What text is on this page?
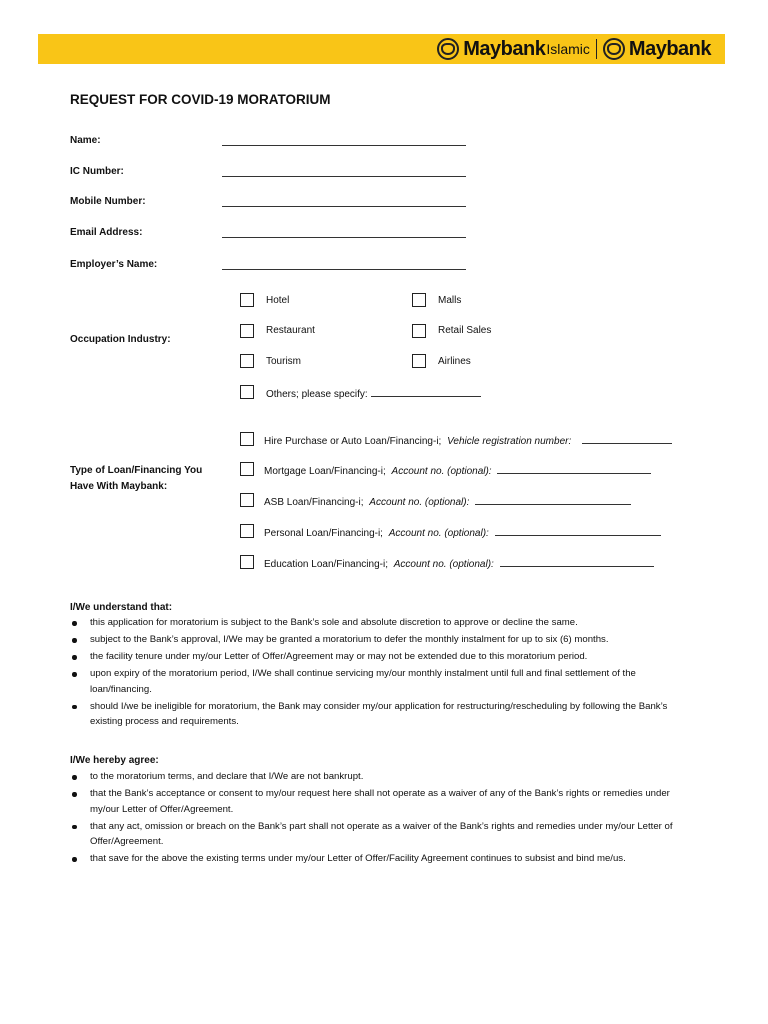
Maybank Islamic Maybank
REQUEST FOR COVID-19 MORATORIUM
Name:
IC Number:
Mobile Number:
Email Address:
Employer’s Name:
Occupation Industry:
Hotel	Malls
Restaurant	Retail Sales
Tourism	Airlines
Others; please specify:
Type of Loan/Financing You
Have With Maybank:
Hire Purchase or Auto Loan/Financing-i; Vehicle registration number:
Mortgage Loan/Financing-i; Account no. (optional):
ASB Loan/Financing-i; Account no. (optional):
Personal Loan/Financing-i; Account no. (optional):
Education Loan/Financing-i; Account no. (optional):
I/We understand that:
this application for moratorium is subject to the Bank’s sole and absolute discretion to approve or decline the same.
subject to the Bank’s approval, I/We may be granted a moratorium to defer the monthly instalment for up to six (6) months.
the facility tenure under my/our Letter of Offer/Agreement may or may not be extended due to this moratorium period.
upon expiry of the moratorium period, I/We shall continue servicing my/our monthly instalment until full and final settlement of the loan/financing.
should I/we be ineligible for moratorium, the Bank may consider my/our application for restructuring/rescheduling by following the Bank’s existing process and requirements.
I/We hereby agree:
to the moratorium terms, and declare that I/We are not bankrupt.
that the Bank’s acceptance or consent to my/our request here shall not operate as a waiver of any of the Bank’s rights or remedies under my/our Letter of Offer/Agreement.
that any act, omission or breach on the Bank’s part shall not operate as a waiver of the Bank’s rights and remedies under my/our Letter of Offer/Agreement.
that save for the above the existing terms under my/our Letter of Offer/Facility Agreement continues to subsist and bind me/us.
